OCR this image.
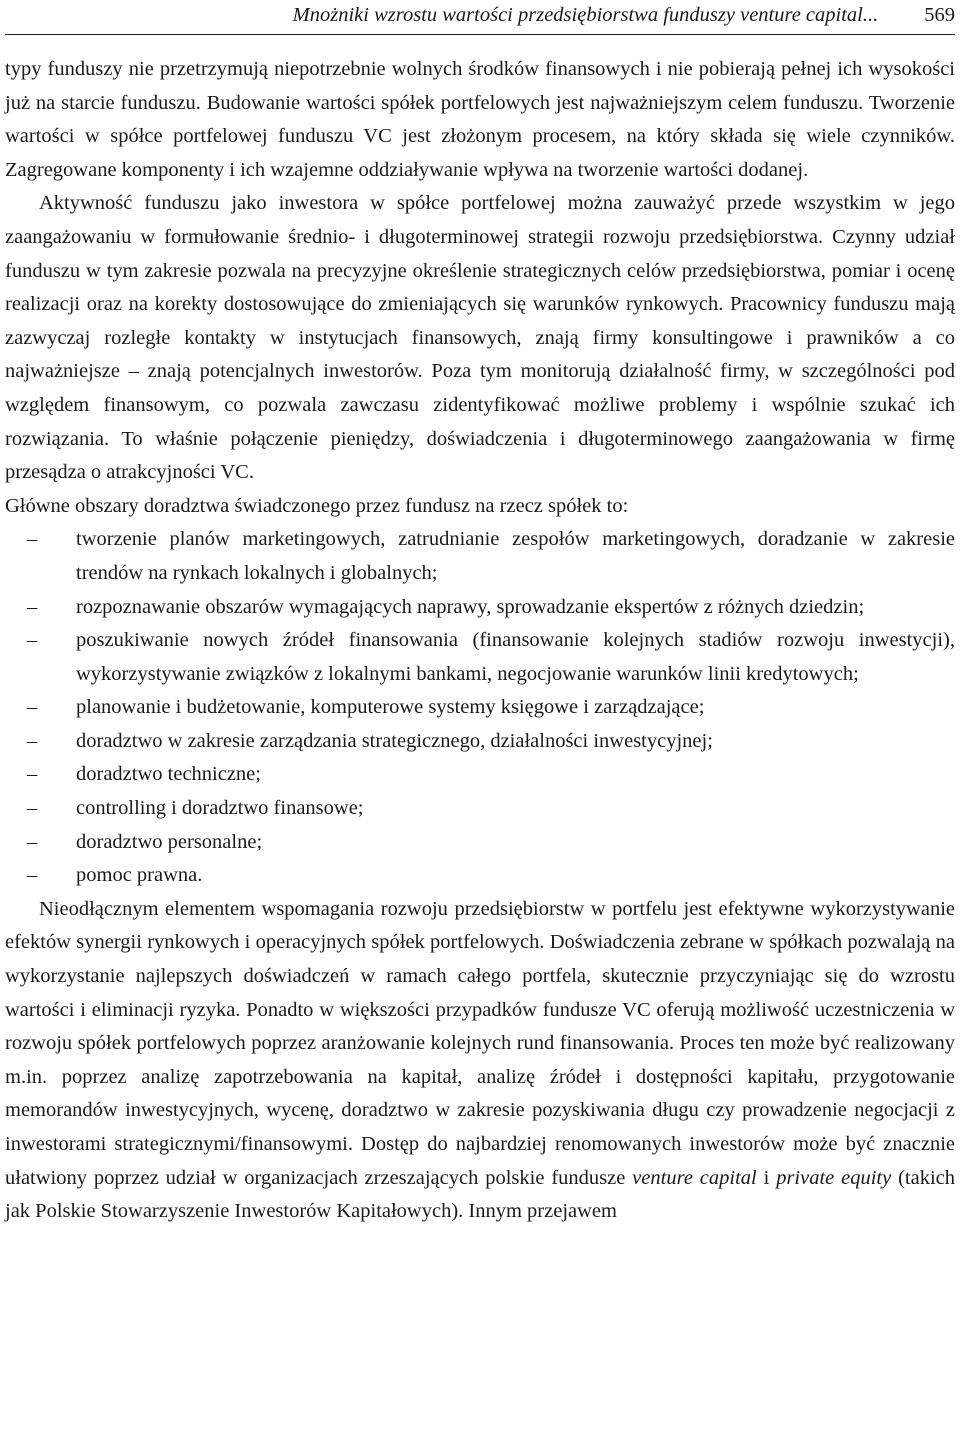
Mnożniki wzrostu wartości przedsiębiorstwa funduszy venture capital... 569

typy funduszy nie przetrzymują niepotrzebnie wolnych środków finansowych i nie pobierają pełnej ich wysokości już na starcie funduszu. Budowanie wartości spółek portfelowych jest najważniejszym celem funduszu. Tworzenie wartości w spółce portfelowej funduszu VC jest złożonym procesem, na który składa się wiele czynników. Zagregowane komponenty i ich wzajemne oddziaływanie wpływa na tworzenie wartości dodanej.

Aktywność funduszu jako inwestora w spółce portfelowej można zauważyć przede wszystkim w jego zaangażowaniu w formułowanie średnio- i długoterminowej strategii rozwoju przedsiębiorstwa. Czynny udział funduszu w tym zakresie pozwala na precyzyjne określenie strategicznych celów przedsiębiorstwa, pomiar i ocenę realizacji oraz na korekty dostosowujące do zmieniających się warunków rynkowych. Pracownicy funduszu mają zazwyczaj rozległe kontakty w instytucjach finansowych, znają firmy konsultingowe i prawników a co najważniejsze – znają potencjalnych inwestorów. Poza tym monitorują działalność firmy, w szczególności pod względem finansowym, co pozwala zawczasu zidentyfikować możliwe problemy i wspólnie szukać ich rozwiązania. To właśnie połączenie pieniędzy, doświadczenia i długoterminowego zaangażowania w firmę przesądza o atrakcyjności VC.

Główne obszary doradztwa świadczonego przez fundusz na rzecz spółek to:

– tworzenie planów marketingowych, zatrudnianie zespołów marketingowych, doradzanie w zakresie trendów na rynkach lokalnych i globalnych;
– rozpoznawanie obszarów wymagających naprawy, sprowadzanie ekspertów z różnych dziedzin;
– poszukiwanie nowych źródeł finansowania (finansowanie kolejnych stadiów rozwoju inwestycji), wykorzystywanie związków z lokalnymi bankami, negocjowanie warunków linii kredytowych;
– planowanie i budżetowanie, komputerowe systemy księgowe i zarządzające;
– doradztwo w zakresie zarządzania strategicznego, działalności inwestycyjnej;
– doradztwo techniczne;
– controlling i doradztwo finansowe;
– doradztwo personalne;
– pomoc prawna.

Nieodłącznym elementem wspomagania rozwoju przedsiębiorstw w portfelu jest efektywne wykorzystywanie efektów synergii rynkowych i operacyjnych spółek portfelowych. Doświadczenia zebrane w spółkach pozwalają na wykorzystanie najlepszych doświadczeń w ramach całego portfela, skutecznie przyczyniając się do wzrostu wartości i eliminacji ryzyka. Ponadto w większości przypadków fundusze VC oferują możliwość uczestniczenia w rozwoju spółek portfelowych poprzez aranżowanie kolejnych rund finansowania. Proces ten może być realizowany m.in. poprzez analizę zapotrzebowania na kapitał, analizę źródeł i dostępności kapitału, przygotowanie memorandów inwestycyjnych, wycenę, doradztwo w zakresie pozyskiwania długu czy prowadzenie negocjacji z inwestorami strategicznymi/finansowymi. Dostęp do najbardziej renomowanych inwestorów może być znacznie ułatwiony poprzez udział w organizacjach zrzeszających polskie fundusze venture capital i private equity (takich jak Polskie Stowarzyszenie Inwestorów Kapitałowych). Innym przejawem
